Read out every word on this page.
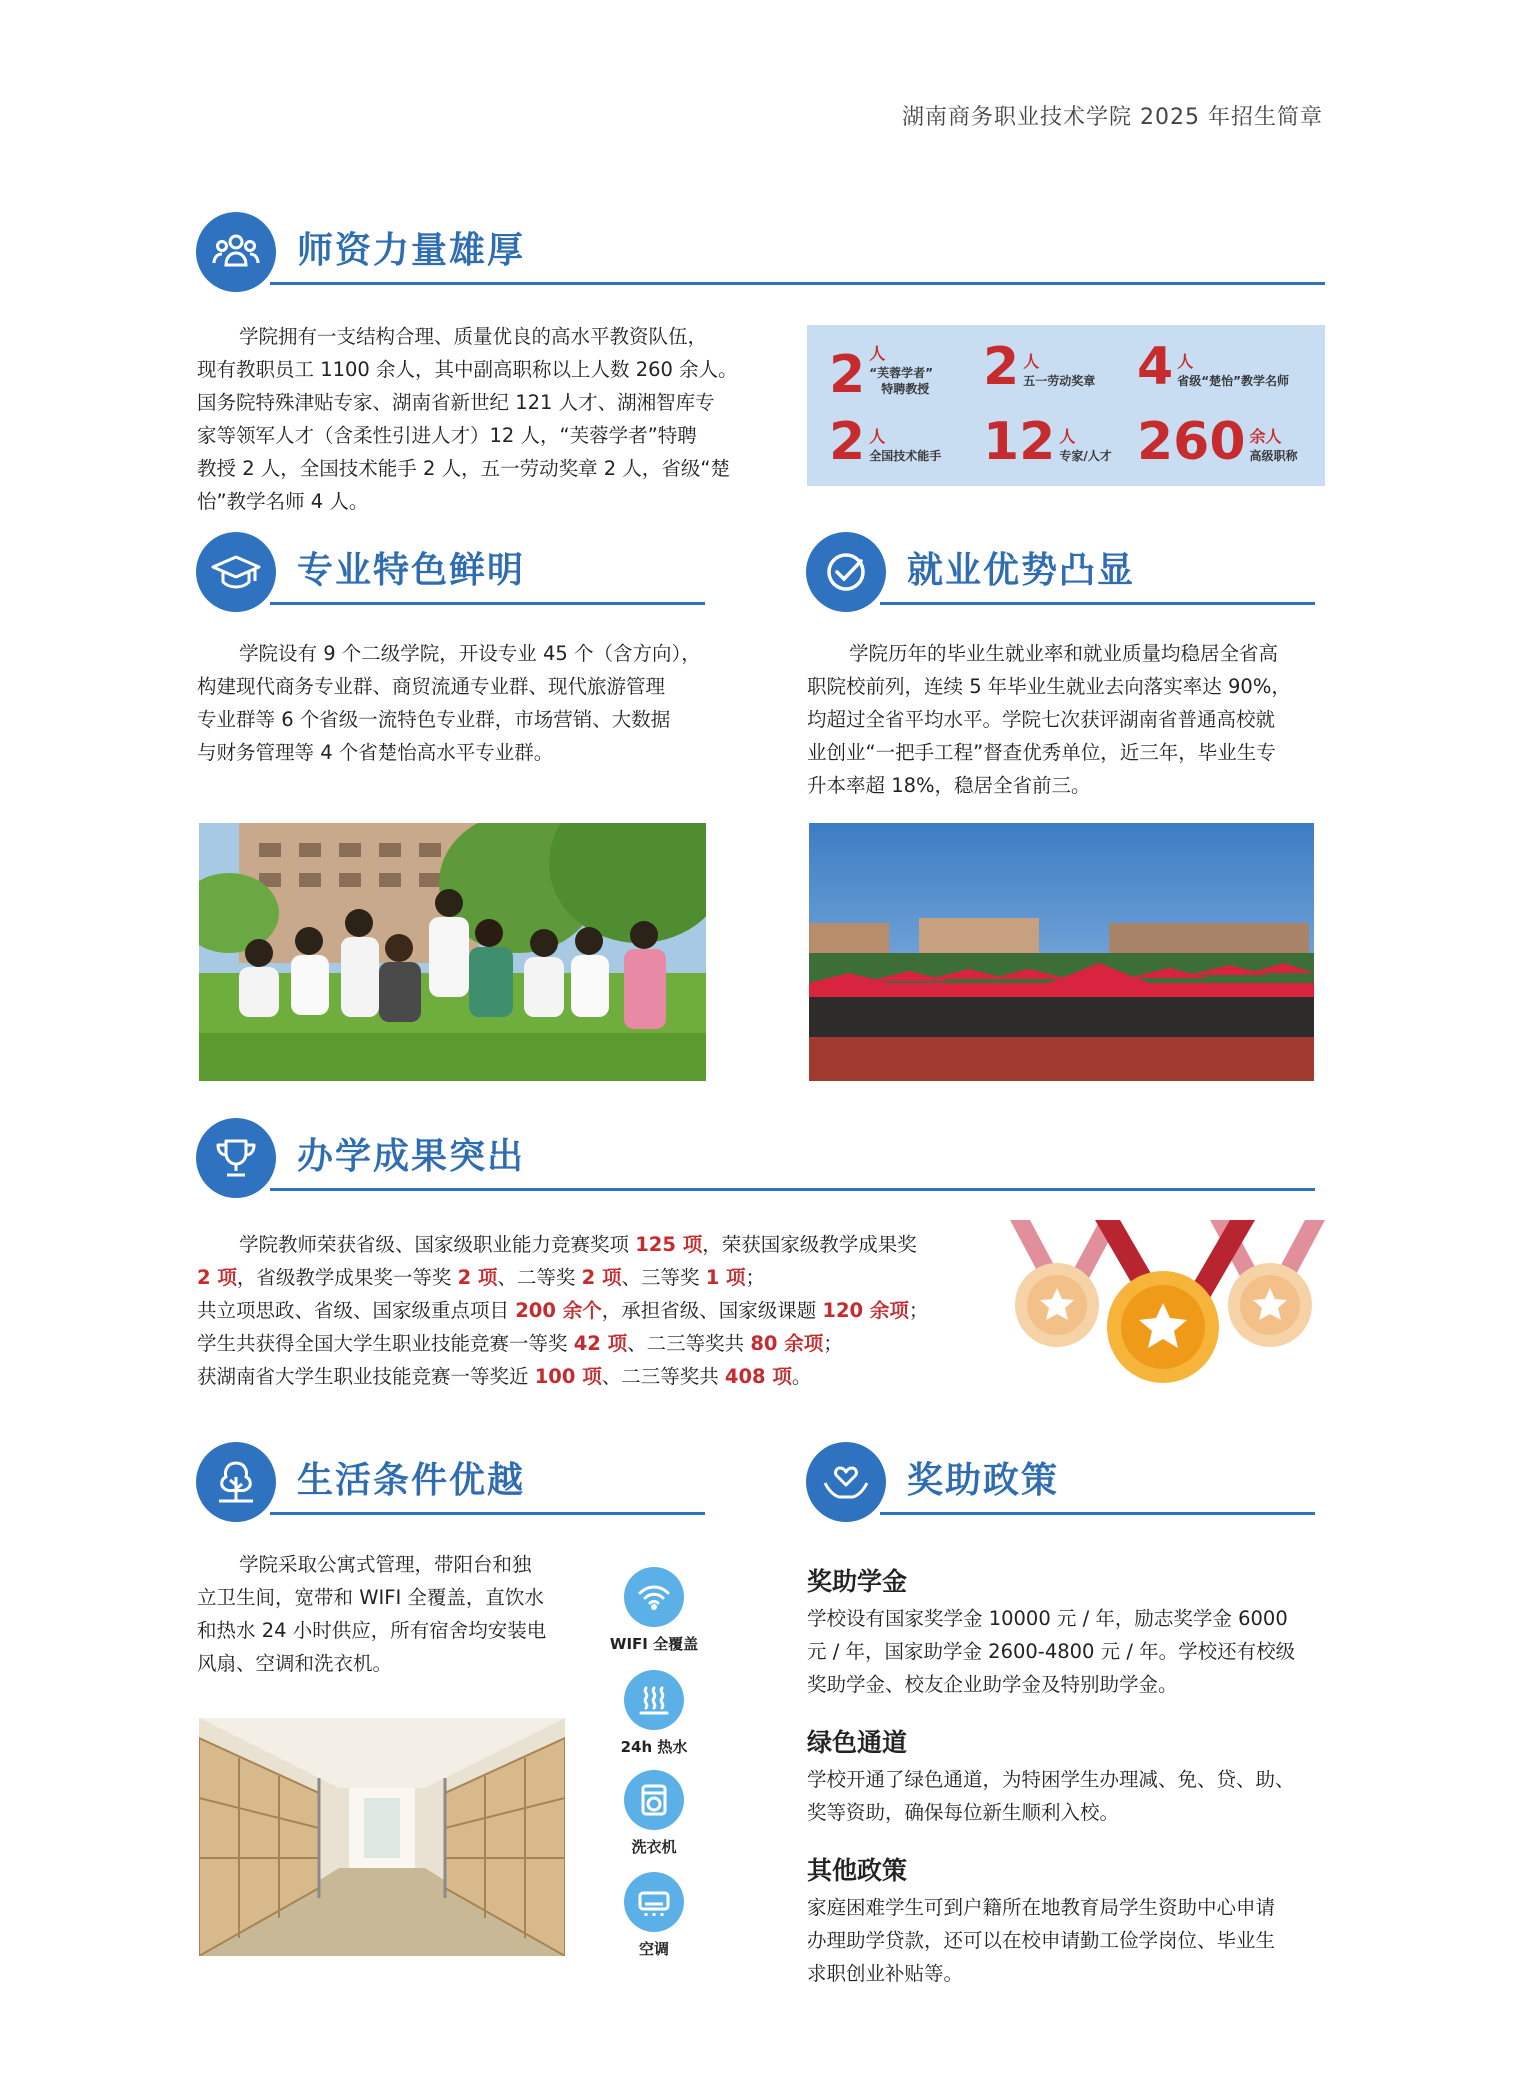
湖南商务职业技术学院 2025 年招生简章
师资力量雄厚
学院拥有一支结构合理、质量优良的高水平教资队伍，
现有教职员工 1100 余人，其中副高职称以上人数 260 余人。
国务院特殊津贴专家、湖南省新世纪 121 人才、湖湘智库专
家等领军人才（含柔性引进人才）12 人，“芙蓉学者”特聘
教授 2 人，全国技术能手 2 人，五一劳动奖章 2 人，省级“楚
怡”教学名师 4 人。
2 人
“芙蓉学者”
特聘教授 2 人
五一劳动奖章 4 人
省级“楚怡”教学名师
2 人
全国技术能手 12 人
专家/人才 260 余人
高级职称
专业特色鲜明
学院设有 9 个二级学院，开设专业 45 个（含方向），
构建现代商务专业群、商贸流通专业群、现代旅游管理
专业群等 6 个省级一流特色专业群，市场营销、大数据
与财务管理等 4 个省楚怡高水平专业群。
就业优势凸显
学院历年的毕业生就业率和就业质量均稳居全省高
职院校前列，连续 5 年毕业生就业去向落实率达 90%，
均超过全省平均水平。学院七次获评湖南省普通高校就
业创业“一把手工程”督查优秀单位，近三年，毕业生专
升本率超 18%，稳居全省前三。
办学成果突出
学院教师荣获省级、国家级职业能力竞赛奖项 125 项，荣获国家级教学成果奖
2 项，省级教学成果奖一等奖 2 项、二等奖 2 项、三等奖 1 项；
共立项思政、省级、国家级重点项目 200 余个，承担省级、国家级课题 120 余项；
学生共获得全国大学生职业技能竞赛一等奖 42 项、二三等奖共 80 余项；
获湖南省大学生职业技能竞赛一等奖近 100 项、二三等奖共 408 项。
生活条件优越
学院采取公寓式管理，带阳台和独
立卫生间，宽带和 WIFI 全覆盖，直饮水
和热水 24 小时供应，所有宿舍均安装电
风扇、空调和洗衣机。
WIFI 全覆盖
24h 热水
洗衣机
空调
奖助政策
奖助学金
学校设有国家奖学金 10000 元 / 年，励志奖学金 6000
元 / 年，国家助学金 2600-4800 元 / 年。学校还有校级
奖助学金、校友企业助学金及特别助学金。
绿色通道
学校开通了绿色通道，为特困学生办理减、免、贷、助、
奖等资助，确保每位新生顺利入校。
其他政策
家庭困难学生可到户籍所在地教育局学生资助中心申请
办理助学贷款，还可以在校申请勤工俭学岗位、毕业生
求职创业补贴等。
